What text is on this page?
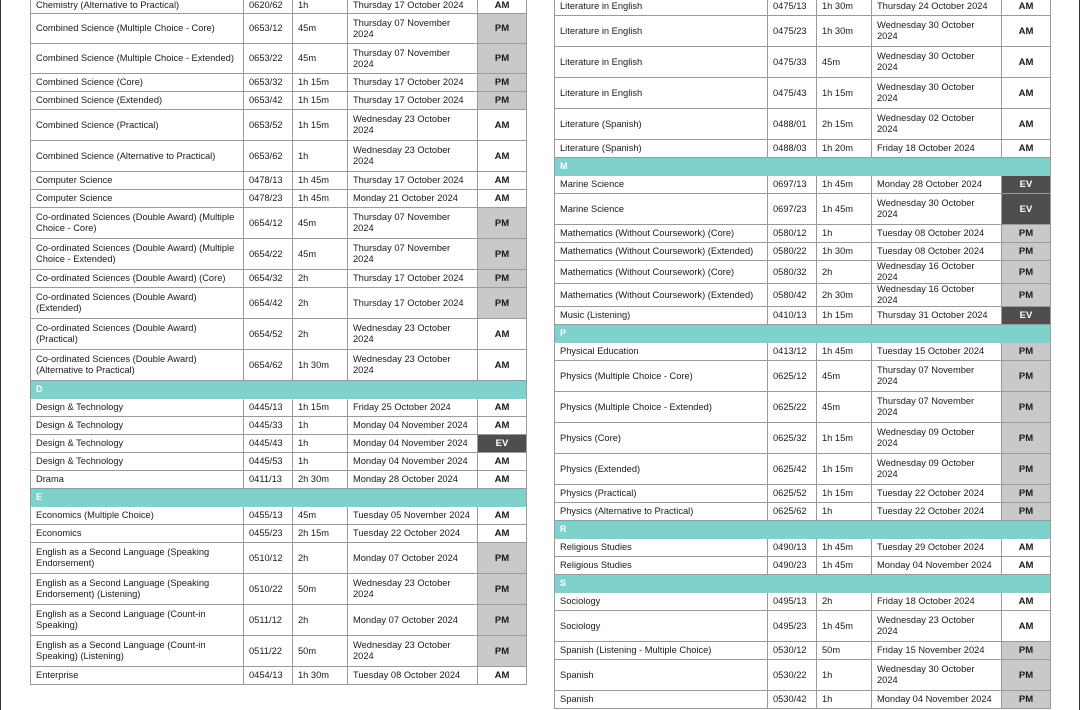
Chemistry (Alternative to Practical)	0620/62	1h	Thursday 17 October 2024	AM
Combined Science (Multiple Choice - Core)	0653/12	45m	Thursday 07 November 2024	PM
Combined Science (Multiple Choice - Extended)	0653/22	45m	Thursday 07 November 2024	PM
Combined Science (Core)	0653/32	1h 15m	Thursday 17 October 2024	PM
Combined Science (Extended)	0653/42	1h 15m	Thursday 17 October 2024	PM
Combined Science (Practical)	0653/52	1h 15m	Wednesday 23 October 2024	AM
Combined Science (Alternative to Practical)	0653/62	1h	Wednesday 23 October 2024	AM
Computer Science	0478/13	1h 45m	Thursday 17 October 2024	AM
Computer Science	0478/23	1h 45m	Monday 21 October 2024	AM
Co-ordinated Sciences (Double Award) (Multiple Choice - Core)	0654/12	45m	Thursday 07 November 2024	PM
Co-ordinated Sciences (Double Award) (Multiple Choice - Extended)	0654/22	45m	Thursday 07 November 2024	PM
Co-ordinated Sciences (Double Award) (Core)	0654/32	2h	Thursday 17 October 2024	PM
Co-ordinated Sciences (Double Award) (Extended)	0654/42	2h	Thursday 17 October 2024	PM
Co-ordinated Sciences (Double Award) (Practical)	0654/52	2h	Wednesday 23 October 2024	AM
Co-ordinated Sciences (Double Award) (Alternative to Practical)	0654/62	1h 30m	Wednesday 23 October 2024	AM
D				
Design & Technology	0445/13	1h 15m	Friday 25 October 2024	AM
Design & Technology	0445/33	1h	Monday 04 November 2024	AM
Design & Technology	0445/43	1h	Monday 04 November 2024	EV
Design & Technology	0445/53	1h	Monday 04 November 2024	AM
Drama	0411/13	2h 30m	Monday 28 October 2024	AM
E				
Economics (Multiple Choice)	0455/13	45m	Tuesday 05 November 2024	AM
Economics	0455/23	2h 15m	Tuesday 22 October 2024	AM
English as a Second Language (Speaking Endorsement)	0510/12	2h	Monday 07 October 2024	PM
English as a Second Language (Speaking Endorsement) (Listening)	0510/22	50m	Wednesday 23 October 2024	PM
English as a Second Language (Count-in Speaking)	0511/12	2h	Monday 07 October 2024	PM
English as a Second Language (Count-in Speaking) (Listening)	0511/22	50m	Wednesday 23 October 2024	PM
Enterprise	0454/13	1h 30m	Tuesday 08 October 2024	AM
Literature in English	0475/13	1h 30m	Thursday 24 October 2024	AM
Literature in English	0475/23	1h 30m	Wednesday 30 October 2024	AM
Literature in English	0475/33	45m	Wednesday 30 October 2024	AM
Literature in English	0475/43	1h 15m	Wednesday 30 October 2024	AM
Literature (Spanish)	0488/01	2h 15m	Wednesday 02 October 2024	AM
Literature (Spanish)	0488/03	1h 20m	Friday 18 October 2024	AM
M				
Marine Science	0697/13	1h 45m	Monday 28 October 2024	EV
Marine Science	0697/23	1h 45m	Wednesday 30 October 2024	EV
Mathematics (Without Coursework) (Core)	0580/12	1h	Tuesday 08 October 2024	PM
Mathematics (Without Coursework) (Extended)	0580/22	1h 30m	Tuesday 08 October 2024	PM
Mathematics (Without Coursework) (Core)	0580/32	2h	Wednesday 16 October 2024	PM
Mathematics (Without Coursework) (Extended)	0580/42	2h 30m	Wednesday 16 October 2024	PM
Music (Listening)	0410/13	1h 15m	Thursday 31 October 2024	EV
P				
Physical Education	0413/12	1h 45m	Tuesday 15 October 2024	PM
Physics (Multiple Choice - Core)	0625/12	45m	Thursday 07 November 2024	PM
Physics (Multiple Choice - Extended)	0625/22	45m	Thursday 07 November 2024	PM
Physics (Core)	0625/32	1h 15m	Wednesday 09 October 2024	PM
Physics (Extended)	0625/42	1h 15m	Wednesday 09 October 2024	PM
Physics (Practical)	0625/52	1h 15m	Tuesday 22 October 2024	PM
Physics (Alternative to Practical)	0625/62	1h	Tuesday 22 October 2024	PM
R				
Religious Studies	0490/13	1h 45m	Tuesday 29 October 2024	AM
Religious Studies	0490/23	1h 45m	Monday 04 November 2024	AM
S				
Sociology	0495/13	2h	Friday 18 October 2024	AM
Sociology	0495/23	1h 45m	Wednesday 23 October 2024	AM
Spanish (Listening - Multiple Choice)	0530/12	50m	Friday 15 November 2024	PM
Spanish	0530/22	1h	Wednesday 30 October 2024	PM
Spanish	0530/42	1h	Monday 04 November 2024	PM
